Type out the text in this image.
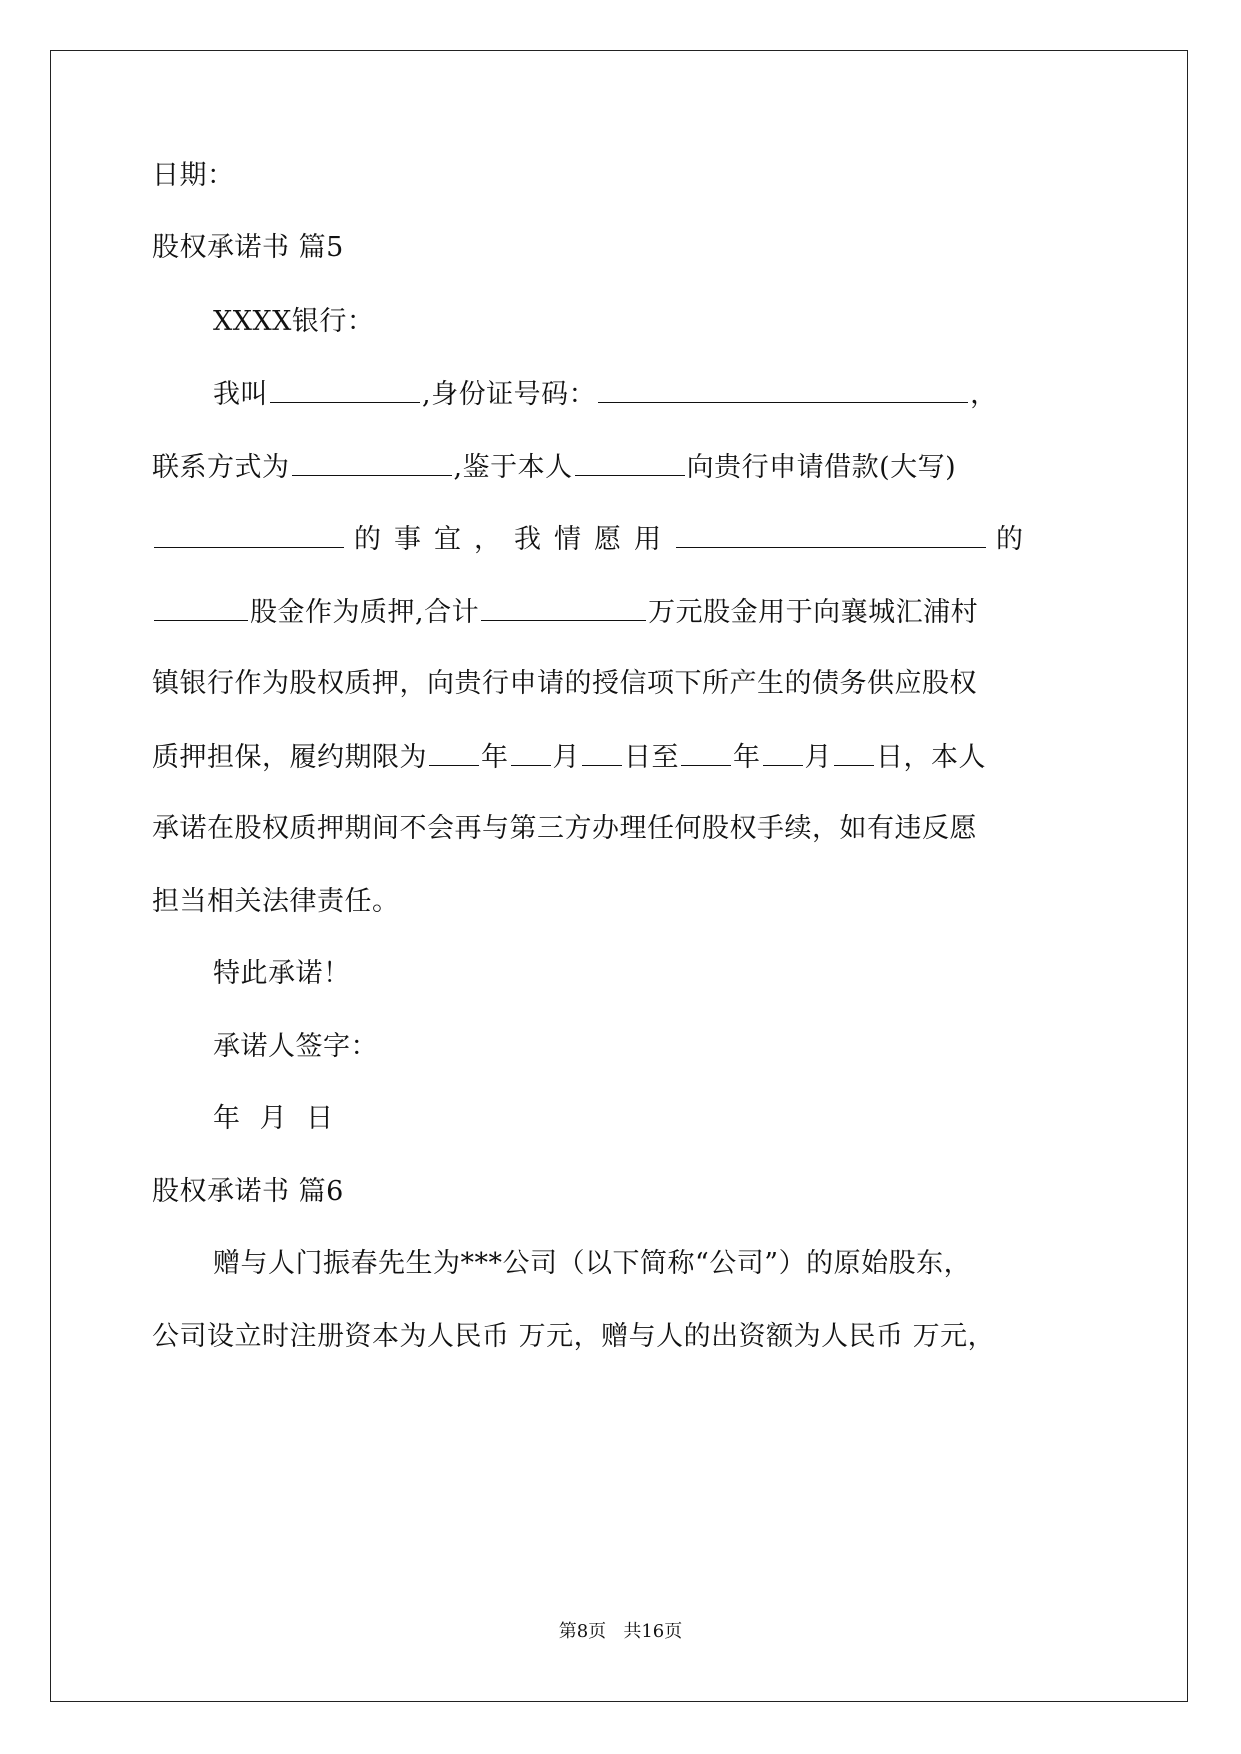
日期：
股权承诺书 篇5
XXXX银行：
我叫	,身份证号码：	，
联系方式为	,鉴于本人	向贵行申请借款(大写)
的事宜，我情愿用	的
股金作为质押,合计	万元股金用于向襄城汇浦村
镇银行作为股权质押，向贵行申请的授信项下所产生的债务供应股权
质押担保，履约期限为 年 月 日至 年 月 日，本人
承诺在股权质押期间不会再与第三方办理任何股权手续，如有违反愿
担当相关法律责任。
特此承诺！
承诺人签字：
年 月 日
股权承诺书 篇6
赠与人门振春先生为***公司（以下简称“公司”）的原始股东，
公司设立时注册资本为人民币 万元，赠与人的出资额为人民币 万元，
第8页   共16页
